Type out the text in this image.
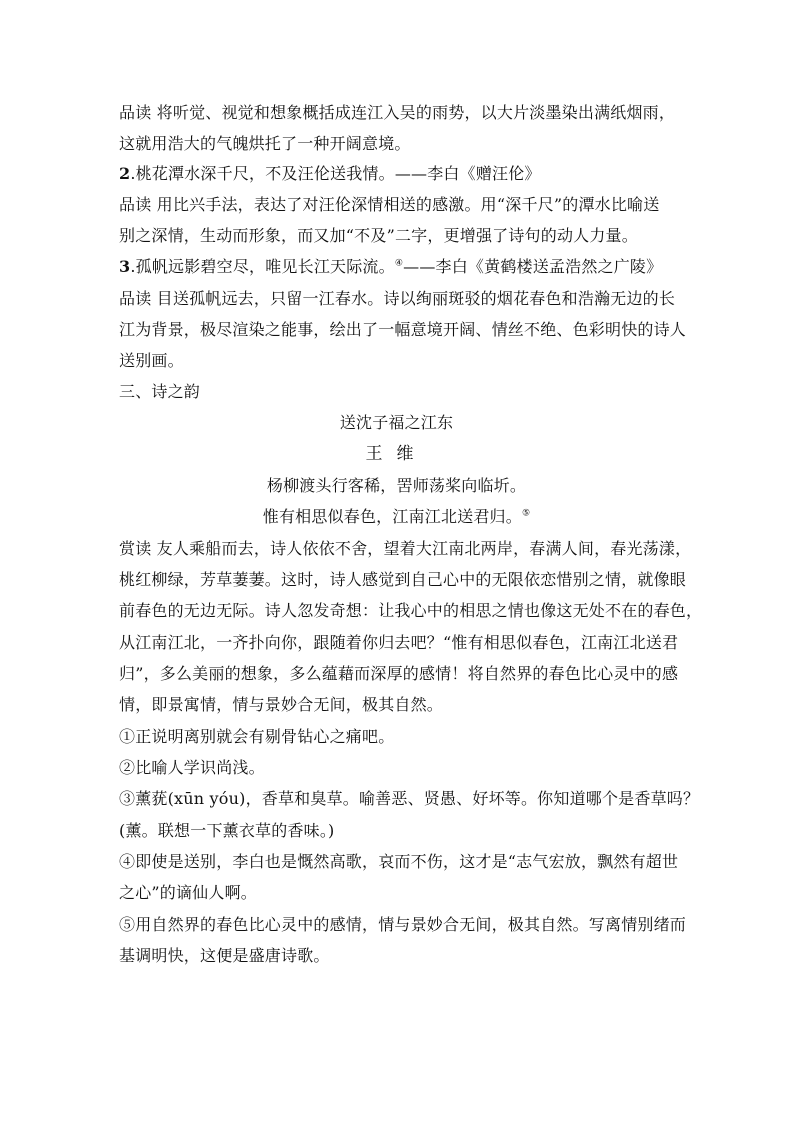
品读 将听觉、视觉和想象概括成连江入吴的雨势，以大片淡墨染出满纸烟雨，
这就用浩大的气魄烘托了一种开阔意境。
2.桃花潭水深千尺，不及汪伦送我情。——李白《赠汪伦》
品读 用比兴手法，表达了对汪伦深情相送的感激。用“深千尺”的潭水比喻送
别之深情，生动而形象，而又加“不及”二字，更增强了诗句的动人力量。
3.孤帆远影碧空尽，唯见长江天际流。④——李白《黄鹤楼送孟浩然之广陵》
品读 目送孤帆远去，只留一江春水。诗以绚丽斑驳的烟花春色和浩瀚无边的长
江为背景，极尽渲染之能事，绘出了一幅意境开阔、情丝不绝、色彩明快的诗人
送别画。
三、诗之韵
送沈子福之江东
王维
杨柳渡头行客稀，罟师荡桨向临圻。
惟有相思似春色，江南江北送君归。⑤
赏读 友人乘船而去，诗人依依不舍，望着大江南北两岸，春满人间，春光荡漾，
桃红柳绿，芳草萋萋。这时，诗人感觉到自己心中的无限依恋惜别之情，就像眼
前春色的无边无际。诗人忽发奇想：让我心中的相思之情也像这无处不在的春色，
从江南江北，一齐扑向你，跟随着你归去吧？“惟有相思似春色，江南江北送君
归”，多么美丽的想象，多么蕴藉而深厚的感情！将自然界的春色比心灵中的感
情，即景寓情，情与景妙合无间，极其自然。
①正说明离别就会有剔骨钻心之痛吧。
②比喻人学识尚浅。
③薰莸(xūn yóu)，香草和臭草。喻善恶、贤愚、好坏等。你知道哪个是香草吗？
(薰。联想一下薰衣草的香味。)
④即使是送别，李白也是慨然高歌，哀而不伤，这才是“志气宏放，飘然有超世
之心”的谪仙人啊。
⑤用自然界的春色比心灵中的感情，情与景妙合无间，极其自然。写离情别绪而
基调明快，这便是盛唐诗歌。
